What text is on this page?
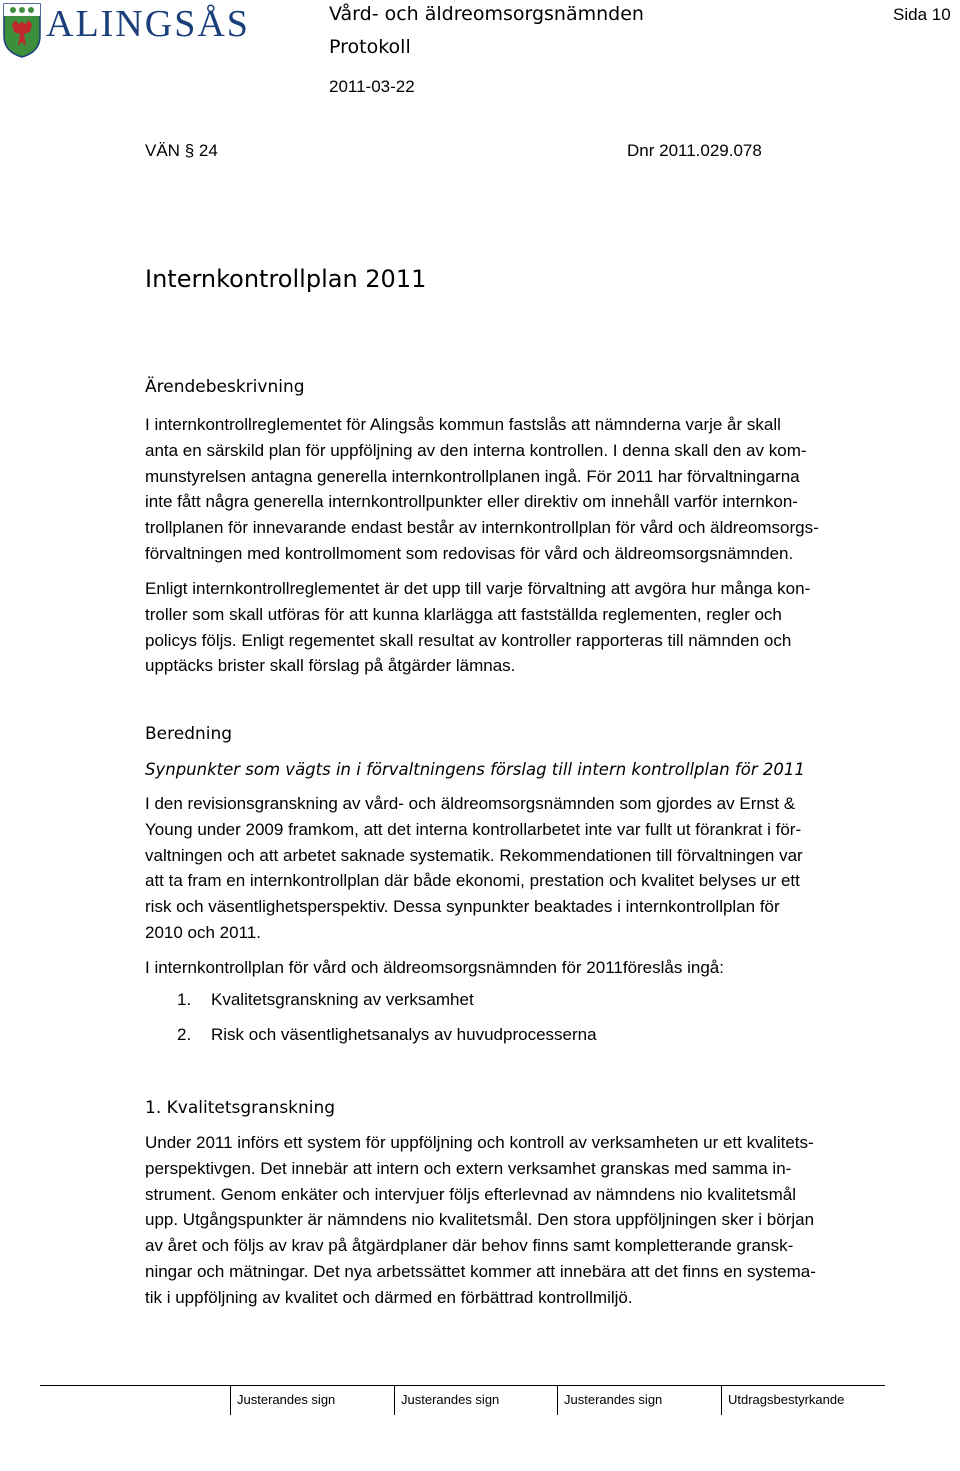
ALINGSÅS	Vård- och äldreomsorgsnämnden
Protokoll
2011-03-22
Sida 10
VÄN § 24	Dnr 2011.029.078
Internkontrollplan 2011
Ärendebeskrivning
I internkontrollreglementet för Alingsås kommun fastslås att nämnderna varje år skall
anta en särskild plan för uppföljning av den interna kontrollen. I denna skall den av kom-
munstyrelsen antagna generella internkontrollplanen ingå. För 2011 har förvaltningarna
inte fått några generella internkontrollpunkter eller direktiv om innehåll varför internkon-
trollplanen för innevarande endast består av internkontrollplan för vård och äldreomsorgs-
förvaltningen med kontrollmoment som redovisas för vård och äldreomsorgsnämnden.
Enligt internkontrollreglementet är det upp till varje förvaltning att avgöra hur många kon-
troller som skall utföras för att kunna klarlägga att fastställda reglementen, regler och
policys följs. Enligt regementet skall resultat av kontroller rapporteras till nämnden och
upptäcks brister skall förslag på åtgärder lämnas.
Beredning
Synpunkter som vägts in i förvaltningens förslag till intern kontrollplan för 2011
I den revisionsgranskning av vård- och äldreomsorgsnämnden som gjordes av Ernst &
Young under 2009 framkom, att det interna kontrollarbetet inte var fullt ut förankrat i för-
valtningen och att arbetet saknade systematik. Rekommendationen till förvaltningen var
att ta fram en internkontrollplan där både ekonomi, prestation och kvalitet belyses ur ett
risk och väsentlighetsperspektiv. Dessa synpunkter beaktades i internkontrollplan för
2010 och 2011.
I internkontrollplan för vård och äldreomsorgsnämnden för 2011föreslås ingå:
1. Kvalitetsgranskning av verksamhet
2. Risk och väsentlighetsanalys av huvudprocesserna
1. Kvalitetsgranskning
Under 2011 införs ett system för uppföljning och kontroll av verksamheten ur ett kvalitets-
perspektivgen. Det innebär att intern och extern verksamhet granskas med samma in-
strument. Genom enkäter och intervjuer följs efterlevnad av nämndens nio kvalitetsmål
upp. Utgångspunkter är nämndens nio kvalitetsmål. Den stora uppföljningen sker i början
av året och följs av krav på åtgärdplaner där behov finns samt kompletterande gransk-
ningar och mätningar. Det nya arbetssättet kommer att innebära att det finns en systema-
tik i uppföljning av kvalitet och därmed en förbättrad kontrollmiljö.
Justerandes sign	Justerandes sign	Justerandes sign	Utdragsbestyrkande
